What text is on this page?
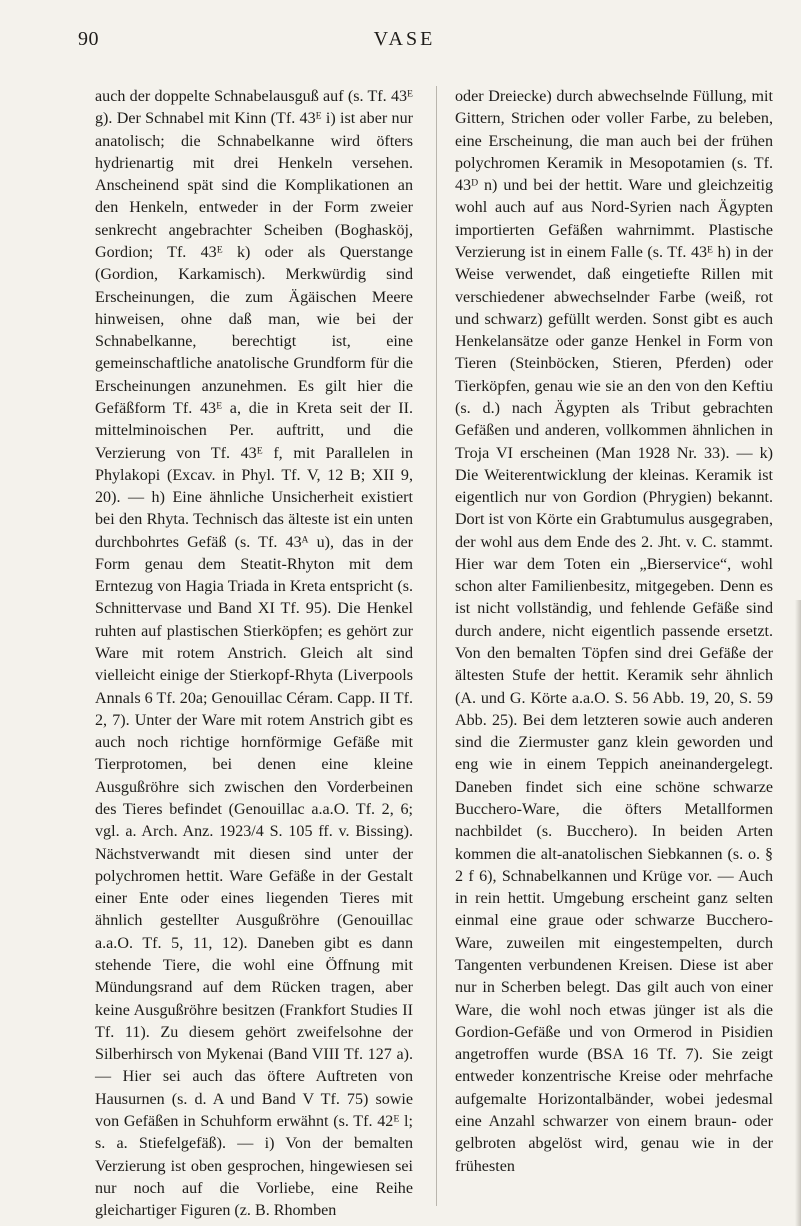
90	VASE

auch der doppelte Schnabelausguß auf (s. Tf. 43ᴱ g). Der Schnabel mit Kinn (Tf. 43ᴱ i) ist aber nur anatolisch; die Schnabelkanne wird öfters hydrienartig mit drei Henkeln versehen. Anscheinend spät sind die Komplikationen an den Henkeln, entweder in der Form zweier senkrecht angebrachter Scheiben (Boghasköj, Gordion; Tf. 43ᴱ k) oder als Querstange (Gordion, Karkamisch). Merkwürdig sind Erscheinungen, die zum Ägäischen Meere hinweisen, ohne daß man, wie bei der Schnabelkanne, berechtigt ist, eine gemeinschaftliche anatolische Grundform für die Erscheinungen anzunehmen. Es gilt hier die Gefäßform Tf. 43ᴱ a, die in Kreta seit der II. mittelminoischen Per. auftritt, und die Verzierung von Tf. 43ᴱ f, mit Parallelen in Phylakopi (Excav. in Phyl. Tf. V, 12 B; XII 9, 20). — h) Eine ähnliche Unsicherheit existiert bei den Rhyta. Technisch das älteste ist ein unten durchbohrtes Gefäß (s. Tf. 43ᴬ u), das in der Form genau dem Steatit-Rhyton mit dem Erntezug von Hagia Triada in Kreta entspricht (s. Schnittervase und Band XI Tf. 95). Die Henkel ruhten auf plastischen Stierköpfen; es gehört zur Ware mit rotem Anstrich. Gleich alt sind vielleicht einige der Stierkopf-Rhyta (Liverpools Annals 6 Tf. 20a; Genouillac Céram. Capp. II Tf. 2, 7). Unter der Ware mit rotem Anstrich gibt es auch noch richtige hornförmige Gefäße mit Tierprotomen, bei denen eine kleine Ausgußröhre sich zwischen den Vorderbeinen des Tieres befindet (Genouillac a.a.O. Tf. 2, 6; vgl. a. Arch. Anz. 1923/4 S. 105 ff. v. Bissing). Nächstverwandt mit diesen sind unter der polychromen hettit. Ware Gefäße in der Gestalt einer Ente oder eines liegenden Tieres mit ähnlich gestellter Ausgußröhre (Genouillac a.a.O. Tf. 5, 11, 12). Daneben gibt es dann stehende Tiere, die wohl eine Öffnung mit Mündungsrand auf dem Rücken tragen, aber keine Ausgußröhre besitzen (Frankfort Studies II Tf. 11). Zu diesem gehört zweifelsohne der Silberhirsch von Mykenai (Band VIII Tf. 127 a). — Hier sei auch das öftere Auftreten von Hausurnen (s. d. A und Band V Tf. 75) sowie von Gefäßen in Schuhform erwähnt (s. Tf. 42ᴱ l; s. a. Stiefelgefäß). — i) Von der bemalten Verzierung ist oben gesprochen, hingewiesen sei nur noch auf die Vorliebe, eine Reihe gleichartiger Figuren (z. B. Rhomben

oder Dreiecke) durch abwechselnde Füllung, mit Gittern, Strichen oder voller Farbe, zu beleben, eine Erscheinung, die man auch bei der frühen polychromen Keramik in Mesopotamien (s. Tf. 43ᴰ n) und bei der hettit. Ware und gleichzeitig wohl auch auf aus Nord-Syrien nach Ägypten importierten Gefäßen wahrnimmt. Plastische Verzierung ist in einem Falle (s. Tf. 43ᴱ h) in der Weise verwendet, daß eingetiefte Rillen mit verschiedener abwechselnder Farbe (weiß, rot und schwarz) gefüllt werden. Sonst gibt es auch Henkelansätze oder ganze Henkel in Form von Tieren (Steinböcken, Stieren, Pferden) oder Tierköpfen, genau wie sie an den von den Keftiu (s. d.) nach Ägypten als Tribut gebrachten Gefäßen und anderen, vollkommen ähnlichen in Troja VI erscheinen (Man 1928 Nr. 33). — k) Die Weiterentwicklung der kleinas. Keramik ist eigentlich nur von Gordion (Phrygien) bekannt. Dort ist von Körte ein Grabtumulus ausgegraben, der wohl aus dem Ende des 2. Jht. v. C. stammt. Hier war dem Toten ein „Bierservice“, wohl schon alter Familienbesitz, mitgegeben. Denn es ist nicht vollständig, und fehlende Gefäße sind durch andere, nicht eigentlich passende ersetzt. Von den bemalten Töpfen sind drei Gefäße der ältesten Stufe der hettit. Keramik sehr ähnlich (A. und G. Körte a.a.O. S. 56 Abb. 19, 20, S. 59 Abb. 25). Bei dem letzteren sowie auch anderen sind die Ziermuster ganz klein geworden und eng wie in einem Teppich aneinandergelegt. Daneben findet sich eine schöne schwarze Bucchero-Ware, die öfters Metallformen nachbildet (s. Bucchero). In beiden Arten kommen die alt-anatolischen Siebkannen (s. o. § 2 f 6), Schnabelkannen und Krüge vor. — Auch in rein hettit. Umgebung erscheint ganz selten einmal eine graue oder schwarze Bucchero-Ware, zuweilen mit eingestempelten, durch Tangenten verbundenen Kreisen. Diese ist aber nur in Scherben belegt. Das gilt auch von einer Ware, die wohl noch etwas jünger ist als die Gordion-Gefäße und von Ormerod in Pisidien angetroffen wurde (BSA 16 Tf. 7). Sie zeigt entweder konzentrische Kreise oder mehrfache aufgemalte Horizontalbänder, wobei jedesmal eine Anzahl schwarzer von einem braun- oder gelbroten abgelöst wird, genau wie in der frühesten
